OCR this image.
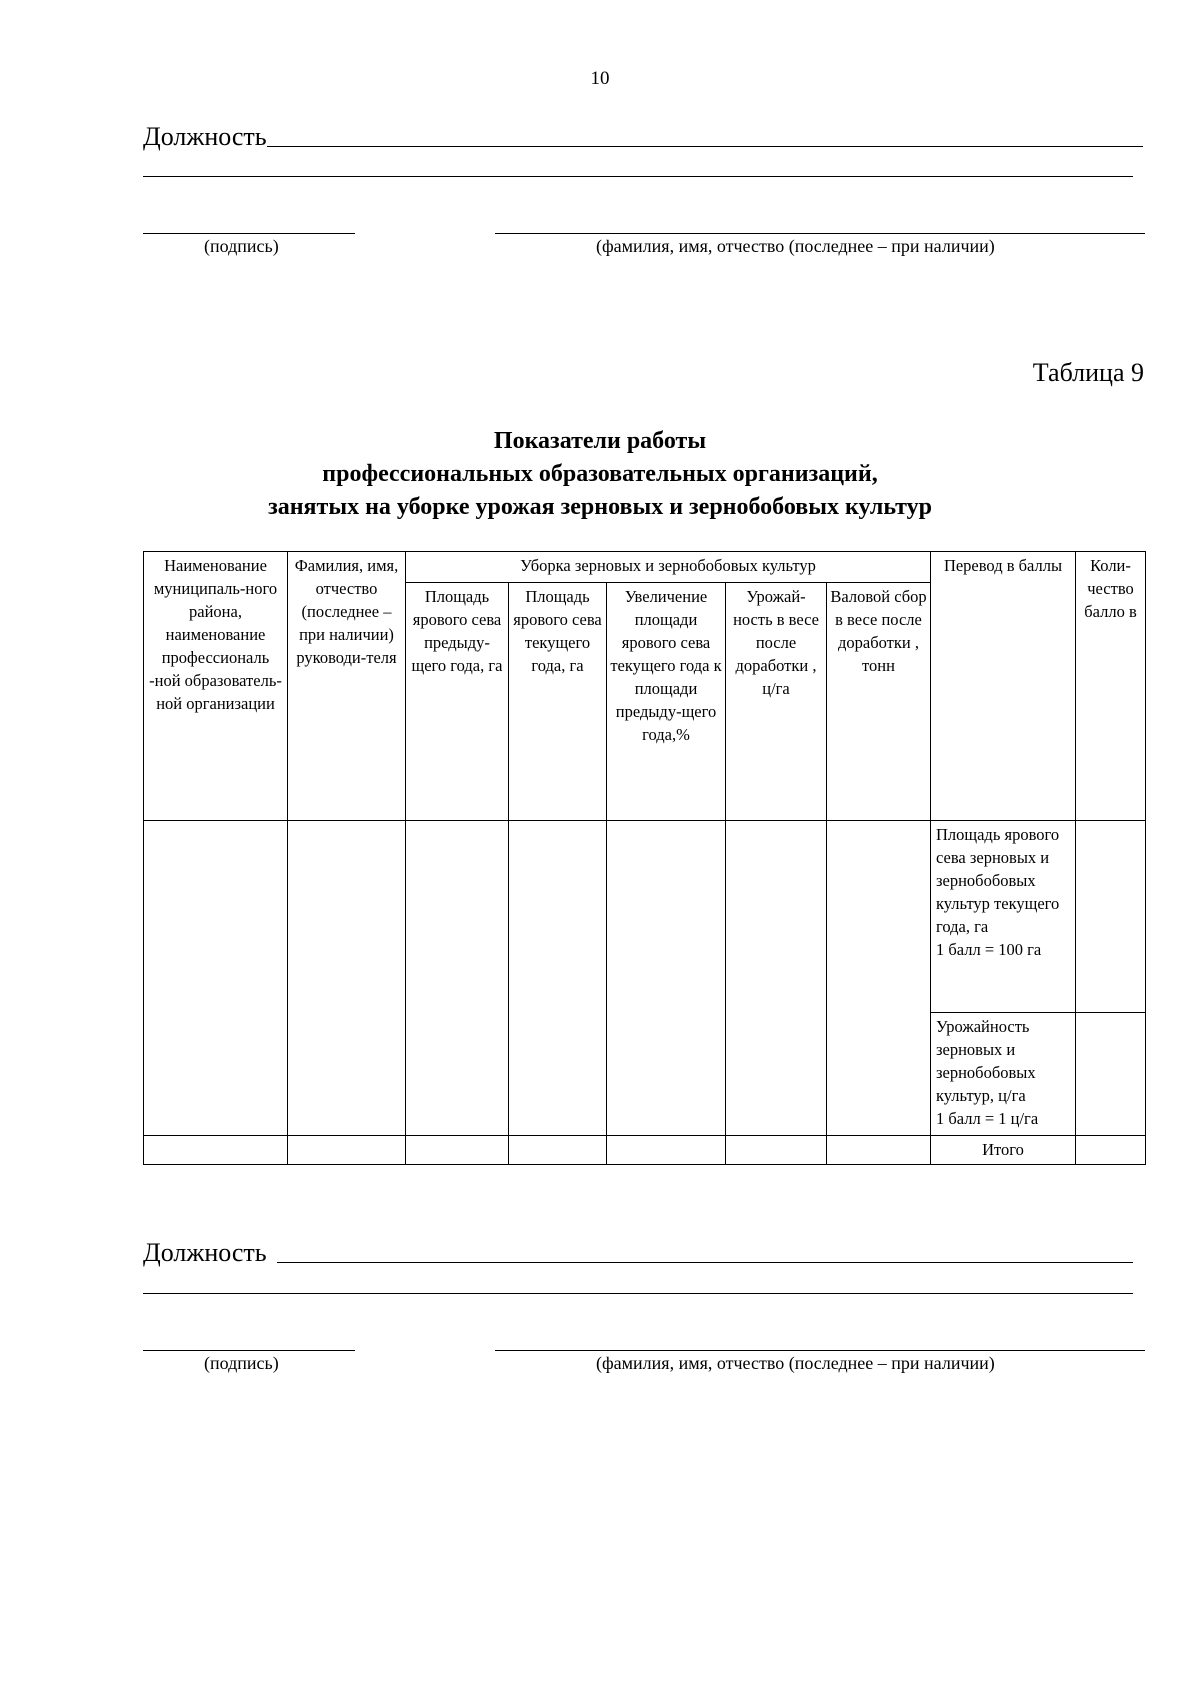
10
Должность
(подпись)	(фамилия, имя, отчество (последнее – при наличии)
Таблица 9
Показатели работы
профессиональных образовательных организаций,
занятых на уборке урожая зерновых и зернобобовых культур
Наименование муниципаль-ного района, наименование профессиональ -ной образователь-ной организации	Фамилия, имя, отчество (последнее –при наличии) руководи-теля	Уборка зерновых и зернобобовых культур					Перевод в баллы	Коли-чество балло в
		Площадь ярового сева предыду-щего года, га	Площадь ярового сева текущего года, га	Увеличение площади ярового сева текущего года к площади предыду-щего года,%	Урожай-ность в весе после доработки , ц/га	Валовой сбор в весе после доработки , тонн		

							Площадь ярового сева зерновых и зернобобовых культур текущего года, га
1 балл = 100 га	

							Урожайность зерновых и зернобобовых культур, ц/га
1 балл = 1 ц/га	

							Итого	
Должность
(подпись)	(фамилия, имя, отчество (последнее – при наличии)
